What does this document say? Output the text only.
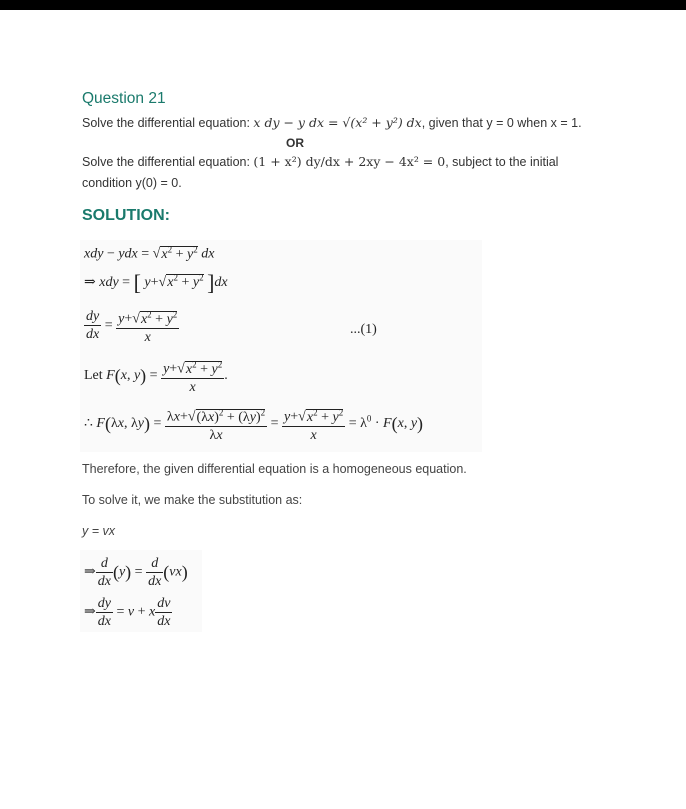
Question 21
Solve the differential equation: x dy − y dx = √(x² + y²) dx, given that y = 0 when x = 1.
OR
Solve the differential equation: (1 + x²) dy/dx + 2xy − 4x² = 0, subject to the initial
condition y(0) = 0.
SOLUTION:
xdy − ydx = $√x^2 + y^2$ dx
⇒ xdy = [ $y+√x^2 + y^2$ ]dx
$\frac{dy}{dx} = \frac{y+√x^2 + y^2}{x}$	...(1)
Let F(x, $y) = \frac{y+√x^2 + y^2}{x}$ .
∴ F(λx, $\lambda y) = \frac{\lambda x+√(\lambda x)^2 + (\lambda y)^2}{\lambda x} = \frac{y+√x^2 + y^2}{x} = \lambda^0 \cdot F(x$, y)
Therefore, the given differential equation is a homogeneous equation.
To solve it, we make the substitution as:
y = vx
⇒ $\frac{d}{dx} (y) = \frac{d}{dx} (vx)$
⇒ $\frac{dy}{dx} = v + x \frac{dv}{dx}$
